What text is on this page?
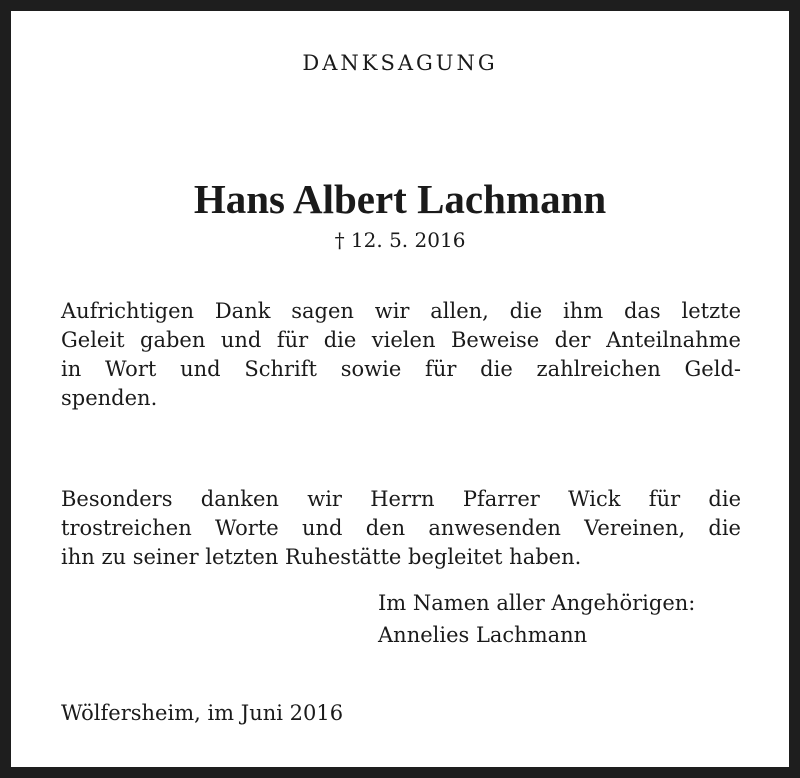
DANKSAGUNG
Hans Albert Lachmann
† 12. 5. 2016
Aufrichtigen Dank sagen wir allen, die ihm das letzte
Geleit gaben und für die vielen Beweise der Anteilnahme
in Wort und Schrift sowie für die zahlreichen Geld-
spenden.
Besonders danken wir Herrn Pfarrer Wick für die
trostreichen Worte und den anwesenden Vereinen, die
ihn zu seiner letzten Ruhestätte begleitet haben.
Im Namen aller Angehörigen:
Annelies Lachmann
Wölfersheim, im Juni 2016
